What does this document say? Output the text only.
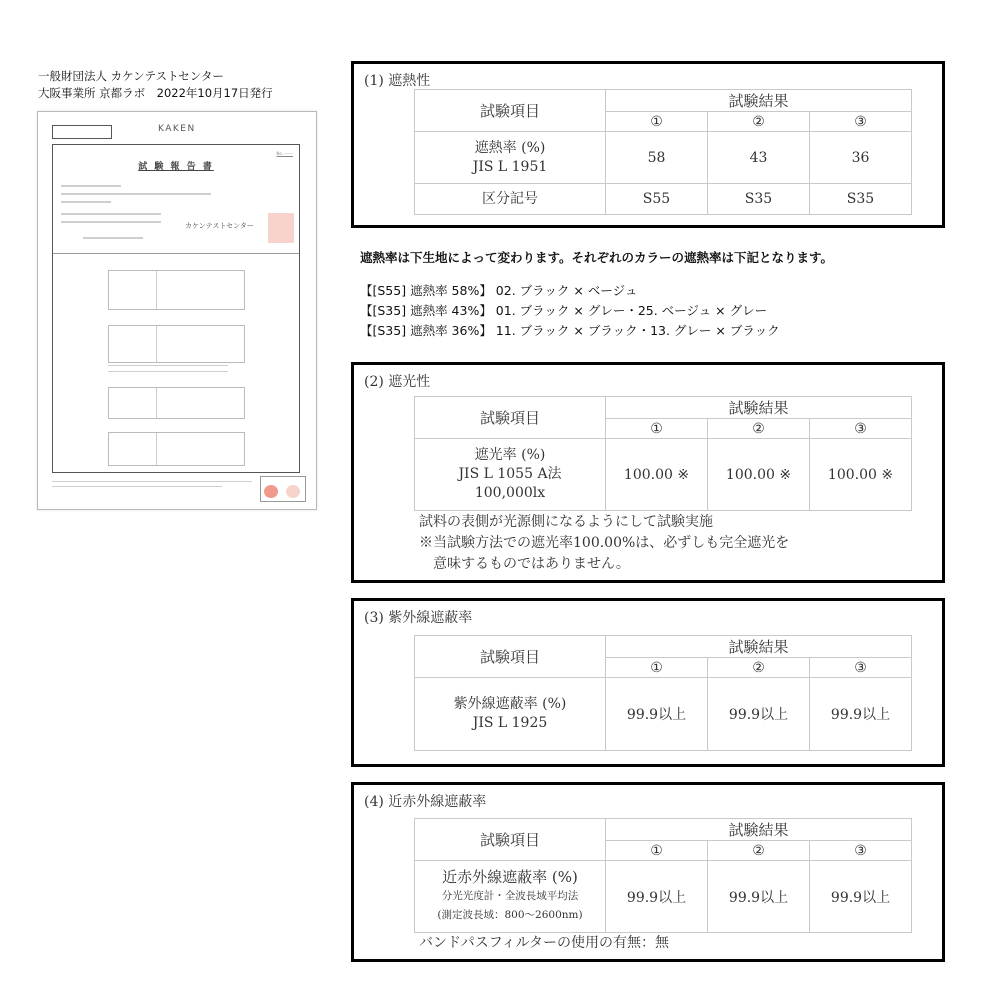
一般財団法人 カケンテストセンター
大阪事業所 京都ラボ　2022年10月17日発行
KAKEN
No. ------
試 験 報 告 書
カケンテストセンター
(1) 遮熱性
試験項目	試験結果		
	①	②	③

遮熱率 (%)
JIS L 1951	58	43	36
区分記号	S55	S35	S35
遮熱率は下生地によって変わります。それぞれのカラーの遮熱率は下記となります。
【[S55] 遮熱率 58%】 02. ブラック × ベージュ
【[S35] 遮熱率 43%】 01. ブラック × グレー・25. ベージュ × グレー
【[S35] 遮熱率 36%】 11. ブラック × ブラック・13. グレー × ブラック
(2) 遮光性
試験項目	試験結果		
	①	②	③

遮光率 (%)
JIS L 1055 A法
100,000lx	100.00 ※	100.00 ※	100.00 ※
試料の表側が光源側になるようにして試験実施
※当試験方法での遮光率100.00%は、必ずしも完全遮光を
　意味するものではありません。
(3) 紫外線遮蔽率
試験項目	試験結果		
	①	②	③

紫外線遮蔽率 (%)
JIS L 1925	99.9以上	99.9以上	99.9以上
(4) 近赤外線遮蔽率
試験項目	試験結果		
	①	②	③

近赤外線遮蔽率 (%)
分光光度計・全波長域平均法
(測定波長域：800～2600nm)	99.9以上	99.9以上	99.9以上
バンドパスフィルターの使用の有無：無
